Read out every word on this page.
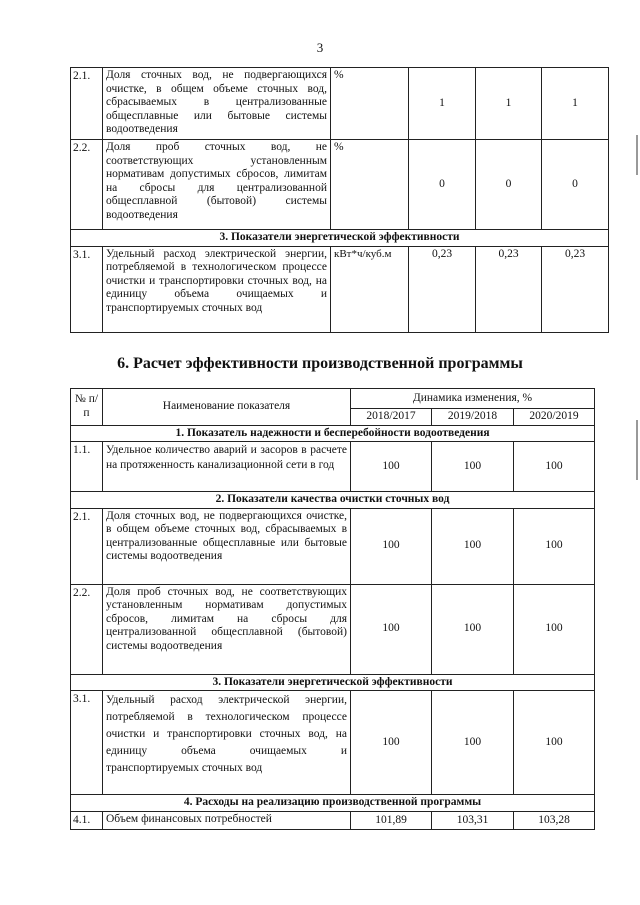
3
2.1.	Доля сточных вод, не подвергающихся очистке, в общем объеме сточных вод, сбрасываемых в централизованные общесплавные или бытовые системы водоотведения	%	1	1	1
2.2.	Доля проб сточных вод, не соответствующих установленным нормативам допустимых сбросов, лимитам на сбросы для централизованной общесплавной (бытовой) системы водоотведения	%	0	0	0
3. Показатели энергетической эффективности					
3.1.	Удельный расход электрической энергии, потребляемой в технологическом процессе очистки и транспортировки сточных вод, на единицу объема очищаемых и транспортируемых сточных вод	кВт*ч/куб.м	0,23	0,23	0,23
6. Расчет эффективности производственной программы
№ п/п	Наименование показателя	Динамика изменения, %		
		2018/2017	2019/2018	2020/2019
1. Показатель надежности и бесперебойности водоотведения				
1.1.	Удельное количество аварий и засоров в расчете на протяженность канализационной сети в год	100	100	100
2. Показатели качества очистки сточных вод				
2.1.	Доля сточных вод, не подвергающихся очистке, в общем объеме сточных вод, сбрасываемых в централизованные общесплавные или бытовые системы водоотведения	100	100	100
2.2.	Доля проб сточных вод, не соответствующих установленным нормативам допустимых сбросов, лимитам на сбросы для централизованной общесплавной (бытовой) системы водоотведения	100	100	100
3. Показатели энергетической эффективности				
3.1.	Удельный расход электрической энергии, потребляемой в технологическом процессе очистки и транспортировки сточных вод, на единицу объема очищаемых и транспортируемых сточных вод	100	100	100
4. Расходы на реализацию производственной программы				
4.1.	Объем финансовых потребностей	101,89	103,31	103,28
